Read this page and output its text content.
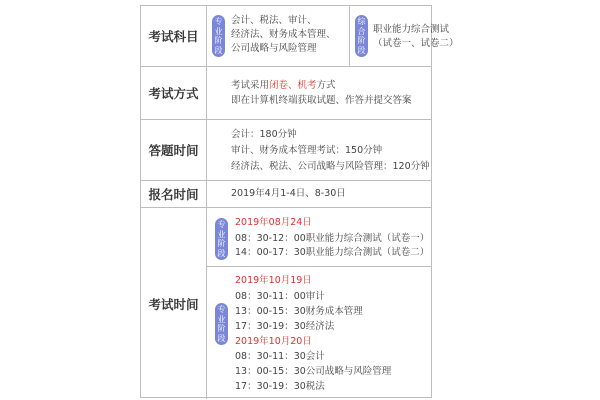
考试科目
专
业
阶
段
会计、税法、审计、
经济法、财务成本管理、
公司战略与风险管理
综
合
阶
段
职业能力综合测试
（试卷一、试卷二）
考试方式
考试采用闭卷、机考方式
即在计算机终端获取试题、作答并提交答案
答题时间
会计：180分钟
审计、财务成本管理考试：150分钟
经济法、税法、公司战略与风险管理：120分钟
报名时间	2019年4月1-4日、8-30日
考试时间
专
业
阶
段
2019年08月24日
08：30-12：00职业能力综合测试（试卷一）
14：00-17：30职业能力综合测试（试卷二）
专
业
阶
段
2019年10月19日
08：30-11：00审计
13：00-15：30财务成本管理
17：30-19：30经济法
2019年10月20日
08：30-11：30会计
13：00-15：30公司战略与风险管理
17：30-19：30税法
